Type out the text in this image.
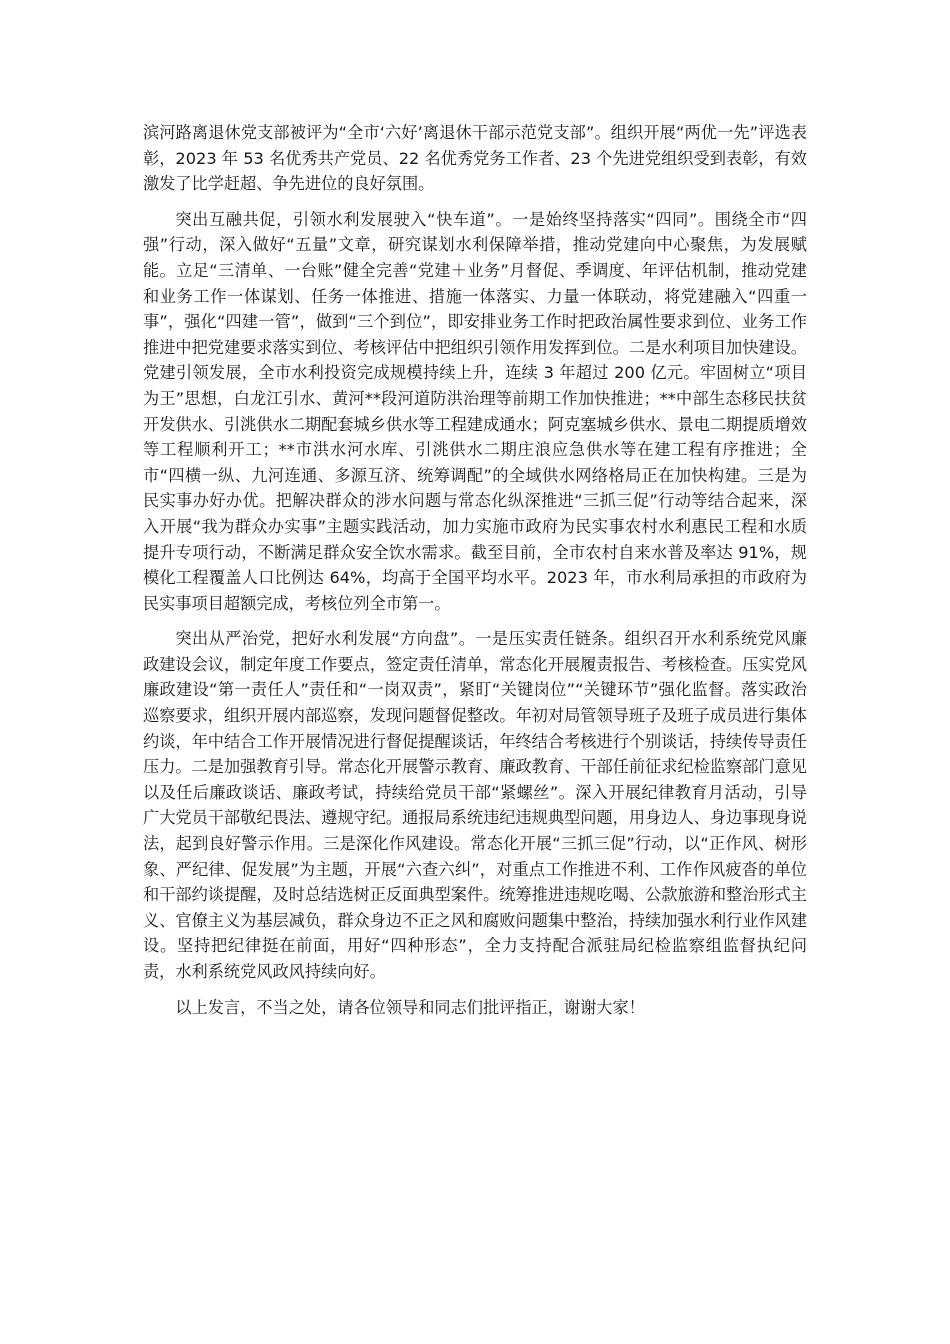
滨河路离退休党支部被评为“全市‘六好’离退休干部示范党支部”。组织开展“两优一先”评选表彰，2023 年 53 名优秀共产党员、22 名优秀党务工作者、23 个先进党组织受到表彰，有效激发了比学赶超、争先进位的良好氛围。

突出互融共促，引领水利发展驶入“快车道”。一是始终坚持落实“四同”。围绕全市“四强”行动，深入做好“五量”文章，研究谋划水利保障举措，推动党建向中心聚焦，为发展赋能。立足“三清单、一台账”健全完善“党建＋业务”月督促、季调度、年评估机制，推动党建和业务工作一体谋划、任务一体推进、措施一体落实、力量一体联动，将党建融入“四重一事”，强化“四建一管”，做到“三个到位”，即安排业务工作时把政治属性要求到位、业务工作推进中把党建要求落实到位、考核评估中把组织引领作用发挥到位。二是水利项目加快建设。党建引领发展，全市水利投资完成规模持续上升，连续 3 年超过 200 亿元。牢固树立“项目为王”思想，白龙江引水、黄河**段河道防洪治理等前期工作加快推进；**中部生态移民扶贫开发供水、引洮供水二期配套城乡供水等工程建成通水；阿克塞城乡供水、景电二期提质增效等工程顺利开工；**市洪水河水库、引洮供水二期庄浪应急供水等在建工程有序推进；全市“四横一纵、九河连通、多源互济、统筹调配”的全域供水网络格局正在加快构建。三是为民实事办好办优。把解决群众的涉水问题与常态化纵深推进“三抓三促”行动等结合起来，深入开展“我为群众办实事”主题实践活动，加力实施市政府为民实事农村水利惠民工程和水质提升专项行动，不断满足群众安全饮水需求。截至目前，全市农村自来水普及率达 91%，规模化工程覆盖人口比例达 64%，均高于全国平均水平。2023 年，市水利局承担的市政府为民实事项目超额完成，考核位列全市第一。

突出从严治党，把好水利发展“方向盘”。一是压实责任链条。组织召开水利系统党风廉政建设会议，制定年度工作要点，签定责任清单，常态化开展履责报告、考核检查。压实党风廉政建设“第一责任人”责任和“一岗双责”，紧盯“关键岗位”“关键环节”强化监督。落实政治巡察要求，组织开展内部巡察，发现问题督促整改。年初对局管领导班子及班子成员进行集体约谈，年中结合工作开展情况进行督促提醒谈话，年终结合考核进行个别谈话，持续传导责任压力。二是加强教育引导。常态化开展警示教育、廉政教育、干部任前征求纪检监察部门意见以及任后廉政谈话、廉政考试，持续给党员干部“紧螺丝”。深入开展纪律教育月活动，引导广大党员干部敬纪畏法、遵规守纪。通报局系统违纪违规典型问题，用身边人、身边事现身说法，起到良好警示作用。三是深化作风建设。常态化开展“三抓三促”行动，以“正作风、树形象、严纪律、促发展”为主题，开展“六查六纠”，对重点工作推进不利、工作作风疲沓的单位和干部约谈提醒，及时总结选树正反面典型案件。统筹推进违规吃喝、公款旅游和整治形式主义、官僚主义为基层减负，群众身边不正之风和腐败问题集中整治，持续加强水利行业作风建设。坚持把纪律挺在前面，用好“四种形态”，全力支持配合派驻局纪检监察组监督执纪问责，水利系统党风政风持续向好。

以上发言，不当之处，请各位领导和同志们批评指正，谢谢大家！
